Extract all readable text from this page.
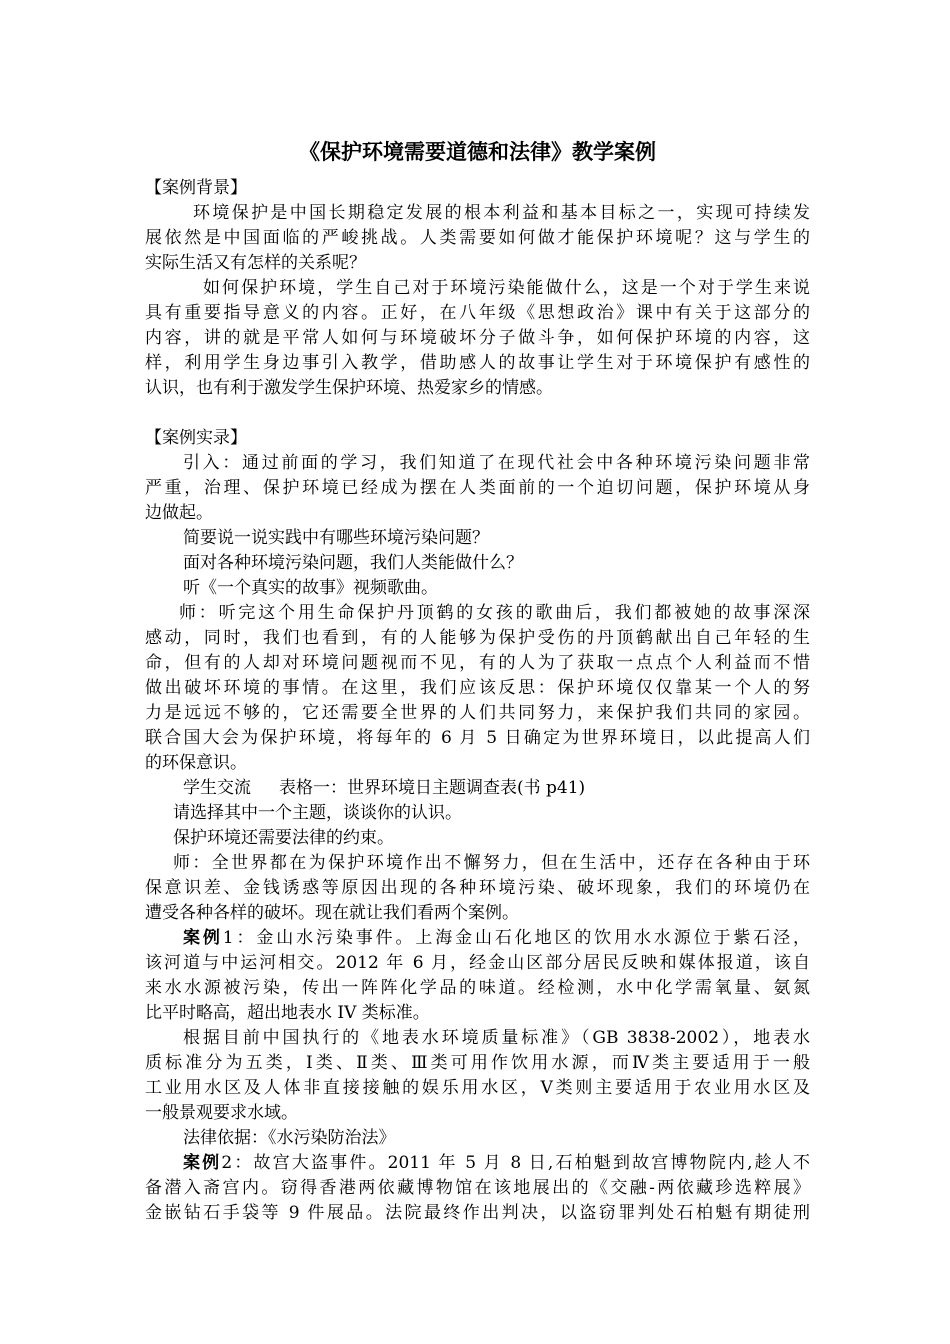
《保护环境需要道德和法律》教学案例
【案例背景】
环境保护是中国长期稳定发展的根本利益和基本目标之一，实现可持续发
展依然是中国面临的严峻挑战。人类需要如何做才能保护环境呢？这与学生的
实际生活又有怎样的关系呢？
如何保护环境，学生自己对于环境污染能做什么，这是一个对于学生来说
具有重要指导意义的内容。正好，在八年级《思想政治》课中有关于这部分的
内容，讲的就是平常人如何与环境破坏分子做斗争，如何保护环境的内容，这
样，利用学生身边事引入教学，借助感人的故事让学生对于环境保护有感性的
认识，也有利于激发学生保护环境、热爱家乡的情感。
【案例实录】
引入：通过前面的学习，我们知道了在现代社会中各种环境污染问题非常
严重，治理、保护环境已经成为摆在人类面前的一个迫切问题，保护环境从身
边做起。
简要说一说实践中有哪些环境污染问题？
面对各种环境污染问题，我们人类能做什么？
听《一个真实的故事》视频歌曲。
师：听完这个用生命保护丹顶鹤的女孩的歌曲后，我们都被她的故事深深
感动，同时，我们也看到，有的人能够为保护受伤的丹顶鹤献出自己年轻的生
命，但有的人却对环境问题视而不见，有的人为了获取一点点个人利益而不惜
做出破坏环境的事情。在这里，我们应该反思：保护环境仅仅靠某一个人的努
力是远远不够的，它还需要全世界的人们共同努力，来保护我们共同的家园。
联合国大会为保护环境，将每年的 6 月 5 日确定为世界环境日，以此提高人们
的环保意识。
学生交流 表格一：世界环境日主题调查表(书 p41)
请选择其中一个主题，谈谈你的认识。
保护环境还需要法律的约束。
师：全世界都在为保护环境作出不懈努力，但在生活中，还存在各种由于环
保意识差、金钱诱惑等原因出现的各种环境污染、破坏现象，我们的环境仍在
遭受各种各样的破坏。现在就让我们看两个案例。
案例1：金山水污染事件。上海金山石化地区的饮用水水源位于紫石泾，
该河道与中运河相交。2012 年 6 月，经金山区部分居民反映和媒体报道，该自
来水水源被污染，传出一阵阵化学品的味道。经检测，水中化学需氧量、氨氮
比平时略高，超出地表水 IV 类标准。
根据目前中国执行的《地表水环境质量标准》（GB 3838-2002），地表水
质标准分为五类，Ⅰ类、Ⅱ类、Ⅲ类可用作饮用水源，而Ⅳ类主要适用于一般
工业用水区及人体非直接接触的娱乐用水区，Ⅴ类则主要适用于农业用水区及
一般景观要求水域。
法律依据：《水污染防治法》
案例2：故宫大盗事件。2011 年 5 月 8 日,石柏魁到故宫博物院内,趁人不
备潜入斋宫内。窃得香港两依藏博物馆在该地展出的《交融-两依藏珍选粹展》
金嵌钻石手袋等 9 件展品。法院最终作出判决，以盗窃罪判处石柏魁有期徒刑
